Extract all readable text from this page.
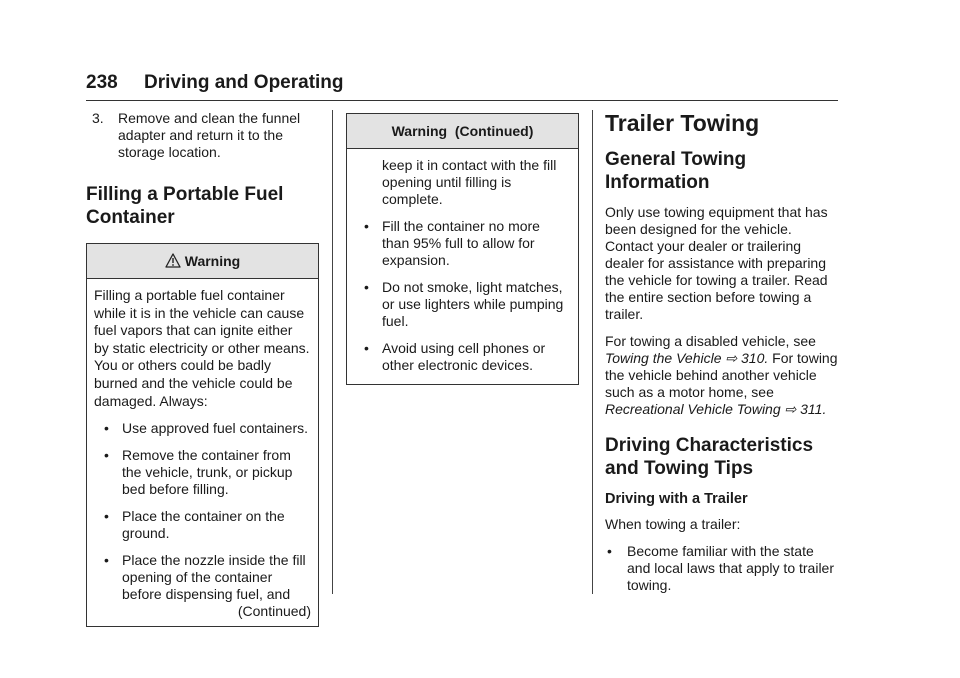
238 Driving and Operating
3. Remove and clean the funnel adapter and return it to the storage location.

Filling a Portable Fuel
Container

Warning

Filling a portable fuel container while it is in the vehicle can cause fuel vapors that can ignite either by static electricity or other means. You or others could be badly burned and the vehicle could be damaged. Always:

• Use approved fuel containers.
• Remove the container from the vehicle, trunk, or pickup bed before filling.
• Place the container on the ground.
• Place the nozzle inside the fill opening of the container before dispensing fuel, and
(Continued)
Warning  (Continued)

keep it in contact with the fill opening until filling is complete.

• Fill the container no more than 95% full to allow for expansion.
• Do not smoke, light matches, or use lighters while pumping fuel.
• Avoid using cell phones or other electronic devices.

Trailer Towing

General Towing
Information

Only use towing equipment that has been designed for the vehicle. Contact your dealer or trailering dealer for assistance with preparing the vehicle for towing a trailer. Read the entire section before towing a trailer.

For towing a disabled vehicle, see
Towing the Vehicle ⇨ 310. For towing the vehicle behind another vehicle such as a motor home, see
Recreational Vehicle Towing ⇨ 311.

Driving Characteristics
and Towing Tips

Driving with a Trailer

When towing a trailer:

• Become familiar with the state and local laws that apply to trailer towing.
